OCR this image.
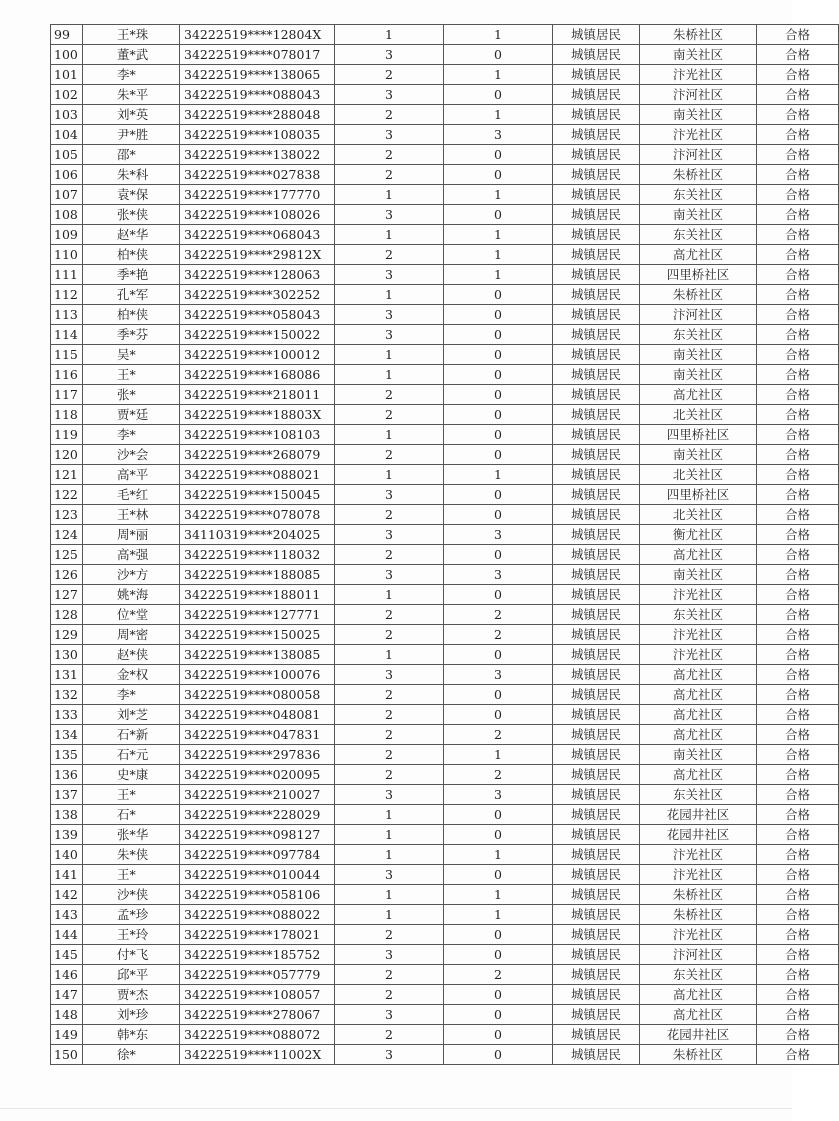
99	王*珠	34222519****12804X	1	1	城镇居民	朱桥社区	合格
100	董*武	34222519****078017	3	0	城镇居民	南关社区	合格
101	李*	34222519****138065	2	1	城镇居民	汴光社区	合格
102	朱*平	34222519****088043	3	0	城镇居民	汴河社区	合格
103	刘*英	34222519****288048	2	1	城镇居民	南关社区	合格
104	尹*胜	34222519****108035	3	3	城镇居民	汴光社区	合格
105	邵*	34222519****138022	2	0	城镇居民	汴河社区	合格
106	朱*科	34222519****027838	2	0	城镇居民	朱桥社区	合格
107	袁*保	34222519****177770	1	1	城镇居民	东关社区	合格
108	张*侠	34222519****108026	3	0	城镇居民	南关社区	合格
109	赵*华	34222519****068043	1	1	城镇居民	东关社区	合格
110	柏*侠	34222519****29812X	2	1	城镇居民	高尤社区	合格
111	季*艳	34222519****128063	3	1	城镇居民	四里桥社区	合格
112	孔*军	34222519****302252	1	0	城镇居民	朱桥社区	合格
113	柏*侠	34222519****058043	3	0	城镇居民	汴河社区	合格
114	季*芬	34222519****150022	3	0	城镇居民	东关社区	合格
115	吴*	34222519****100012	1	0	城镇居民	南关社区	合格
116	王*	34222519****168086	1	0	城镇居民	南关社区	合格
117	张*	34222519****218011	2	0	城镇居民	高尤社区	合格
118	贾*廷	34222519****18803X	2	0	城镇居民	北关社区	合格
119	李*	34222519****108103	1	0	城镇居民	四里桥社区	合格
120	沙*会	34222519****268079	2	0	城镇居民	南关社区	合格
121	高*平	34222519****088021	1	1	城镇居民	北关社区	合格
122	毛*红	34222519****150045	3	0	城镇居民	四里桥社区	合格
123	王*林	34222519****078078	2	0	城镇居民	北关社区	合格
124	周*丽	34110319****204025	3	3	城镇居民	衡尤社区	合格
125	高*强	34222519****118032	2	0	城镇居民	高尤社区	合格
126	沙*方	34222519****188085	3	3	城镇居民	南关社区	合格
127	姚*海	34222519****188011	1	0	城镇居民	汴光社区	合格
128	位*堂	34222519****127771	2	2	城镇居民	东关社区	合格
129	周*密	34222519****150025	2	2	城镇居民	汴光社区	合格
130	赵*侠	34222519****138085	1	0	城镇居民	汴光社区	合格
131	金*权	34222519****100076	3	3	城镇居民	高尤社区	合格
132	李*	34222519****080058	2	0	城镇居民	高尤社区	合格
133	刘*芝	34222519****048081	2	0	城镇居民	高尤社区	合格
134	石*新	34222519****047831	2	2	城镇居民	高尤社区	合格
135	石*元	34222519****297836	2	1	城镇居民	南关社区	合格
136	史*康	34222519****020095	2	2	城镇居民	高尤社区	合格
137	王*	34222519****210027	3	3	城镇居民	东关社区	合格
138	石*	34222519****228029	1	0	城镇居民	花园井社区	合格
139	张*华	34222519****098127	1	0	城镇居民	花园井社区	合格
140	朱*侠	34222519****097784	1	1	城镇居民	汴光社区	合格
141	王*	34222519****010044	3	0	城镇居民	汴光社区	合格
142	沙*侠	34222519****058106	1	1	城镇居民	朱桥社区	合格
143	孟*珍	34222519****088022	1	1	城镇居民	朱桥社区	合格
144	王*玲	34222519****178021	2	0	城镇居民	汴光社区	合格
145	付*飞	34222519****185752	3	0	城镇居民	汴河社区	合格
146	邱*平	34222519****057779	2	2	城镇居民	东关社区	合格
147	贾*杰	34222519****108057	2	0	城镇居民	高尤社区	合格
148	刘*珍	34222519****278067	3	0	城镇居民	高尤社区	合格
149	韩*东	34222519****088072	2	0	城镇居民	花园井社区	合格
150	徐*	34222519****11002X	3	0	城镇居民	朱桥社区	合格
